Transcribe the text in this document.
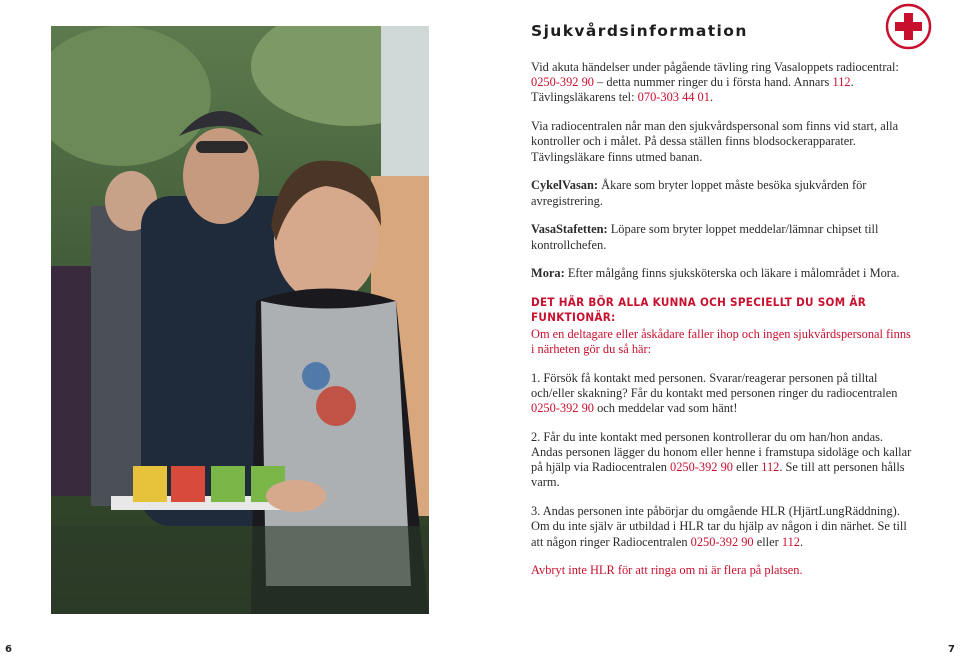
Sjukvårdsinformation

Vid akuta händelser under pågående tävling ring Vasaloppets radiocentral: 0250-392 90 – detta nummer ringer du i första hand. Annars 112. Tävlingsläkarens tel: 070-303 44 01.

Via radiocentralen når man den sjukvårdspersonal som finns vid start, alla kontroller och i målet. På dessa ställen finns blodsockerapparater. Tävlingsläkare finns utmed banan.

CykelVasan: Åkare som bryter loppet måste besöka sjukvården för avregistrering.

VasaStafetten: Löpare som bryter loppet meddelar/lämnar chipset till kontrollchefen.

Mora: Efter målgång finns sjuksköterska och läkare i målområdet i Mora.

DET HÄR BÖR ALLA KUNNA OCH SPECIELLT DU SOM ÄR FUNKTIONÄR:

Om en deltagare eller åskådare faller ihop och ingen sjukvårdspersonal finns i närheten gör du så här:

1. Försök få kontakt med personen. Svarar/reagerar personen på tilltal och/eller skakning? Får du kontakt med personen ringer du radiocentralen 0250-392 90 och meddelar vad som hänt!

2. Får du inte kontakt med personen kontrollerar du om han/hon andas. Andas personen lägger du honom eller henne i framstupa sidoläge och kallar på hjälp via Radiocentralen 0250-392 90 eller 112. Se till att personen hålls varm.

3. Andas personen inte påbörjar du omgående HLR (HjärtLungRäddning). Om du inte själv är utbildad i HLR tar du hjälp av någon i din närhet. Se till att någon ringer Radiocentralen 0250-392 90 eller 112.

Avbryt inte HLR för att ringa om ni är flera på platsen.

6	7
